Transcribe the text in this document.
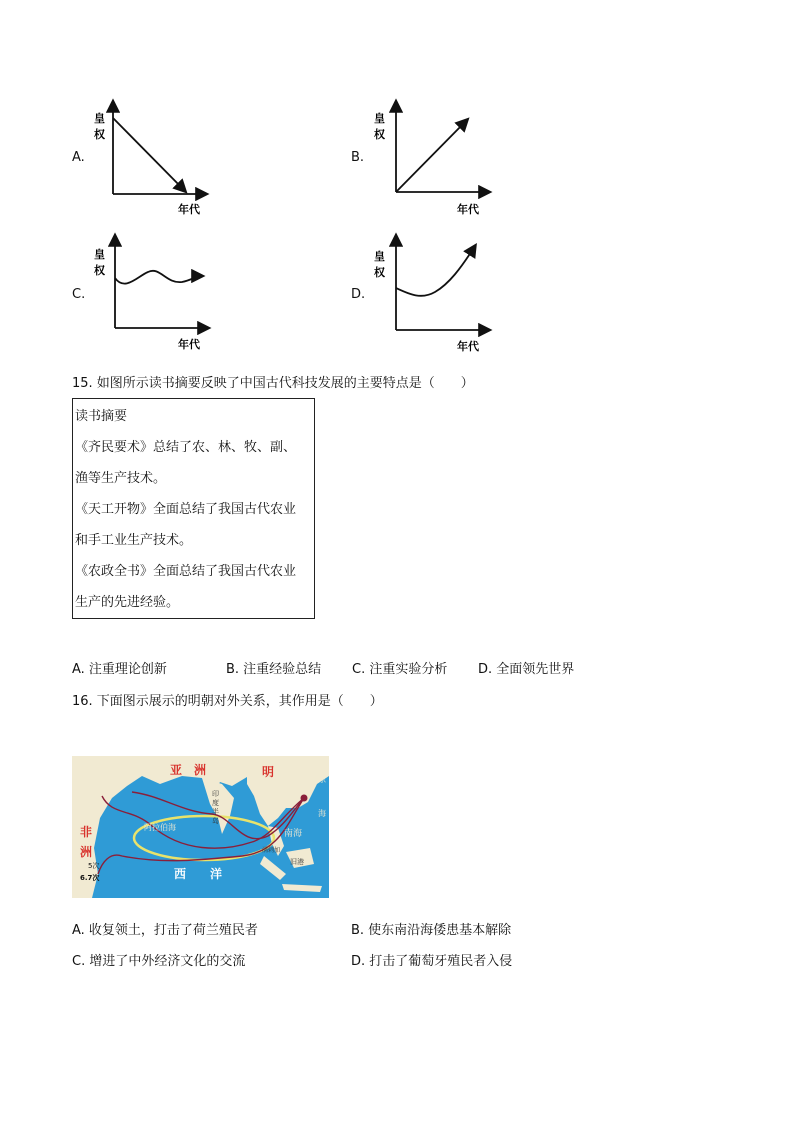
A.	B.
C.	D.
皇
权
年代
皇
权
年代
皇
权
年代
皇
权
年代
15. 如图所示读书摘要反映了中国古代科技发展的主要特点是（　　）
读书摘要
《齐民要术》总结了农、林、牧、副、
渔等生产技术。
《天工开物》全面总结了我国古代农业
和手工业生产技术。
《农政全书》全面总结了我国古代农业
生产的先进经验。
A. 注重理论创新	B. 注重经验总结 C. 注重实验分析 D. 全面领先世界
16. 下面图示展示的明朝对外关系，其作用是（　　）
亚　洲	明
非
洲
西　　洋
印
度
半
岛
阿拉伯海
南海
东
海
旧港
5次
6.7次
满剌加
A. 收复领土，打击了荷兰殖民者	B. 使东南沿海倭患基本解除
C. 增进了中外经济文化的交流	D. 打击了葡萄牙殖民者入侵
